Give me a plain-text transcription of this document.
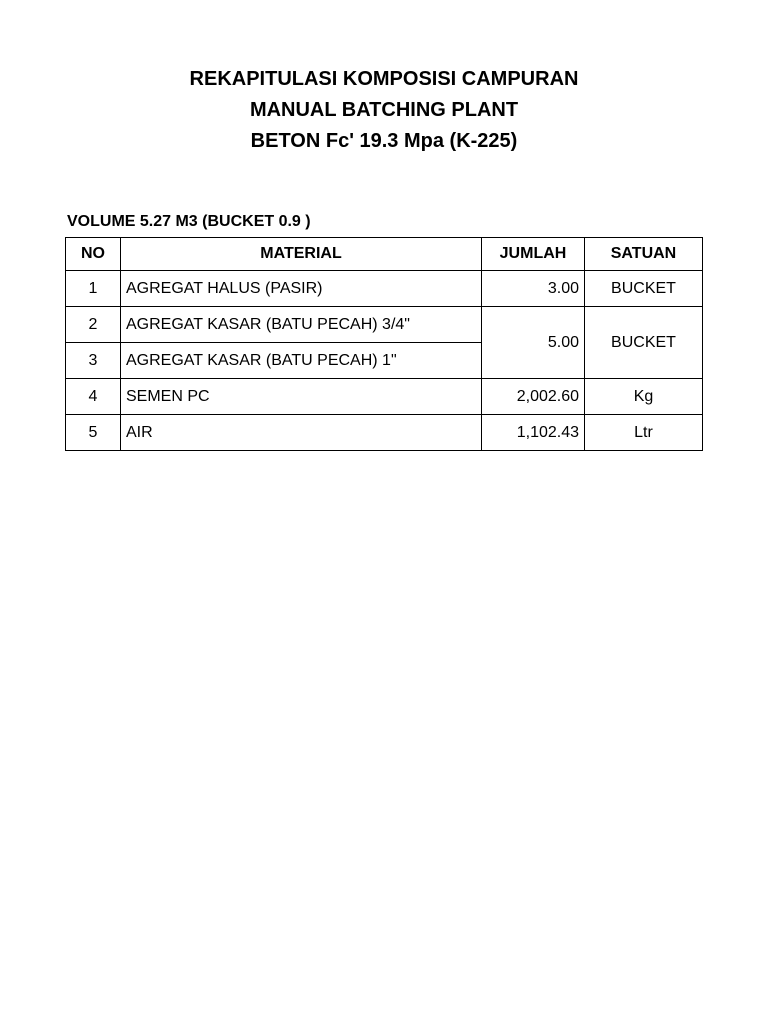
REKAPITULASI KOMPOSISI CAMPURAN
MANUAL BATCHING PLANT
BETON Fc' 19.3 Mpa (K-225)
VOLUME 5.27 M3 (BUCKET 0.9 )
NO	MATERIAL	JUMLAH	SATUAN
1	AGREGAT HALUS (PASIR)	3.00	BUCKET
2	AGREGAT KASAR (BATU PECAH) 3/4"	5.00	BUCKET
3	AGREGAT KASAR (BATU PECAH) 1"		
4	SEMEN PC	2,002.60	Kg
5	AIR	1,102.43	Ltr
